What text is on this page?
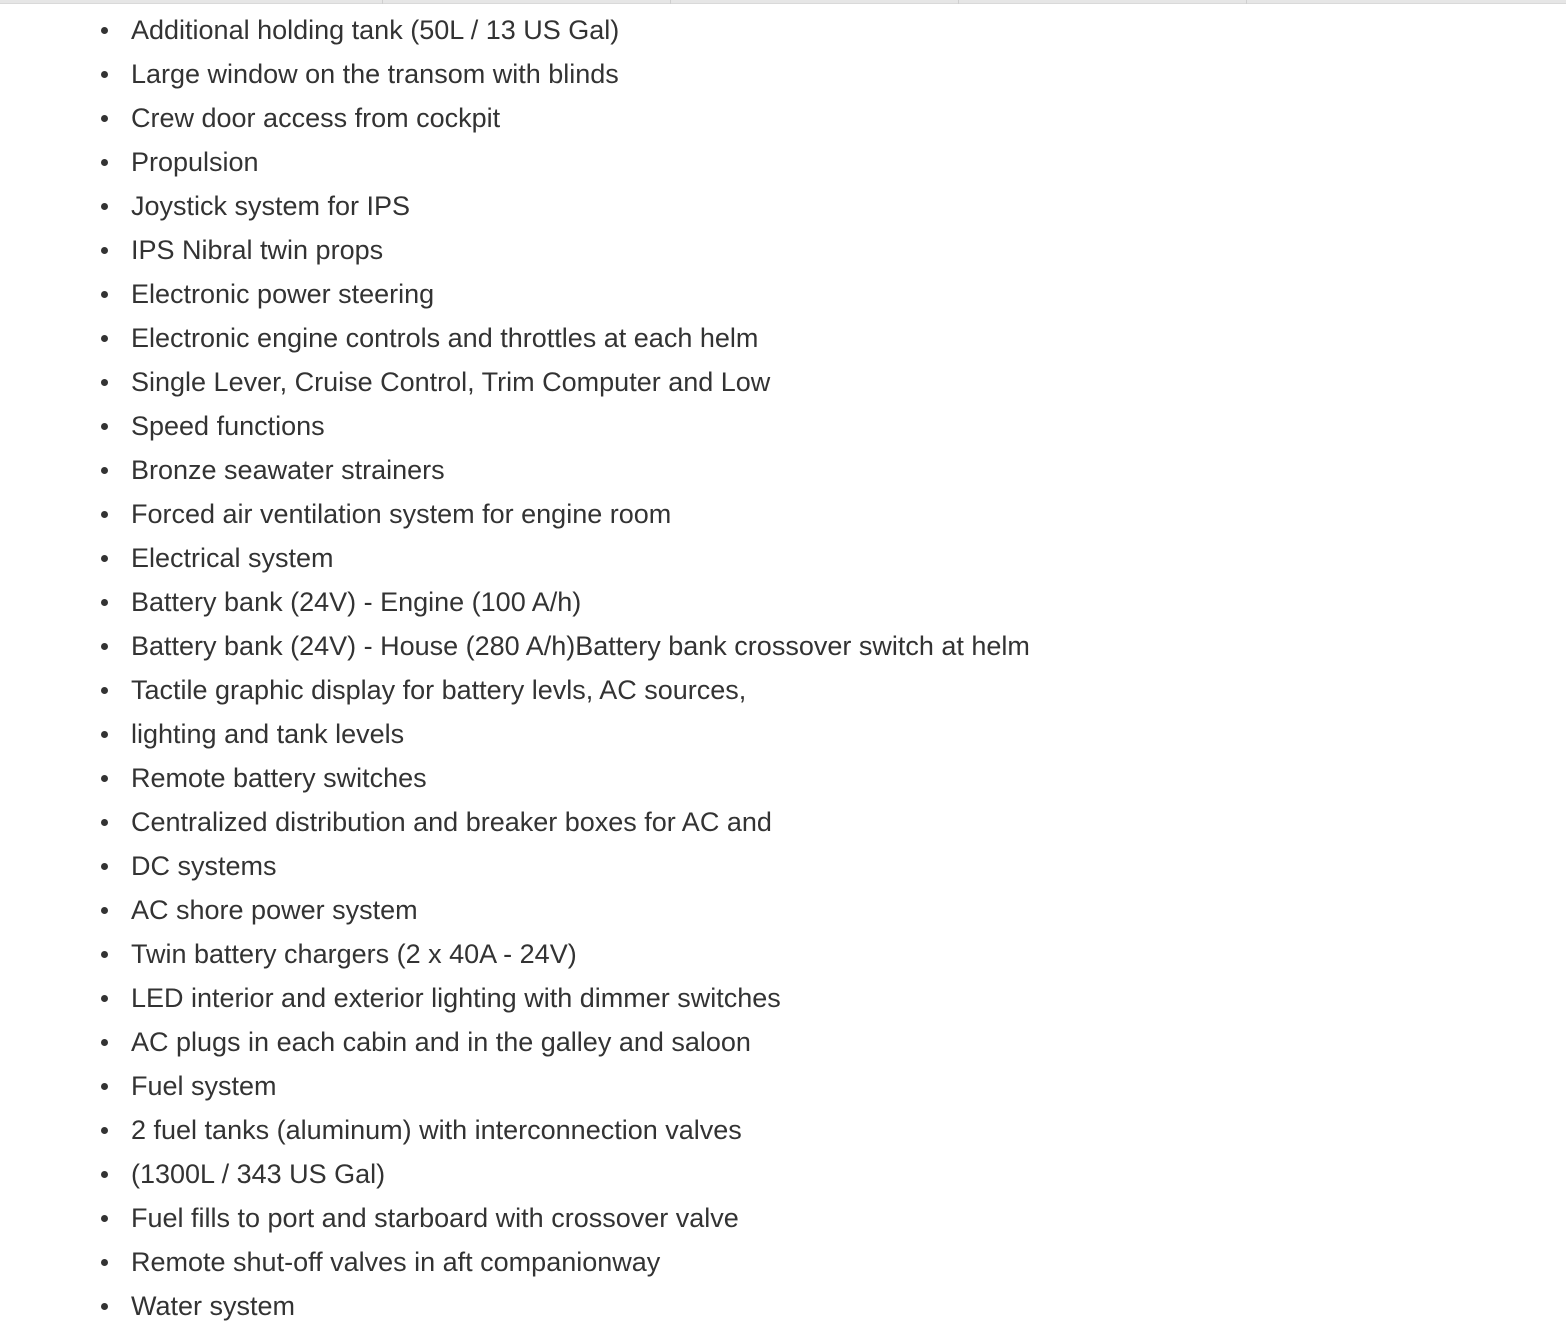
Additional holding tank (50L / 13 US Gal)
Large window on the transom with blinds
Crew door access from cockpit
Propulsion
Joystick system for IPS
IPS Nibral twin props
Electronic power steering
Electronic engine controls and throttles at each helm
Single Lever, Cruise Control, Trim Computer and Low
Speed functions
Bronze seawater strainers
Forced air ventilation system for engine room
Electrical system
Battery bank (24V) - Engine (100 A/h)
Battery bank (24V) - House (280 A/h)Battery bank crossover switch at helm
Tactile graphic display for battery levls, AC sources,
lighting and tank levels
Remote battery switches
Centralized distribution and breaker boxes for AC and
DC systems
AC shore power system
Twin battery chargers (2 x 40A - 24V)
LED interior and exterior lighting with dimmer switches
AC plugs in each cabin and in the galley and saloon
Fuel system
2 fuel tanks (aluminum) with interconnection valves
(1300L / 343 US Gal)
Fuel fills to port and starboard with crossover valve
Remote shut-off valves in aft companionway
Water system
